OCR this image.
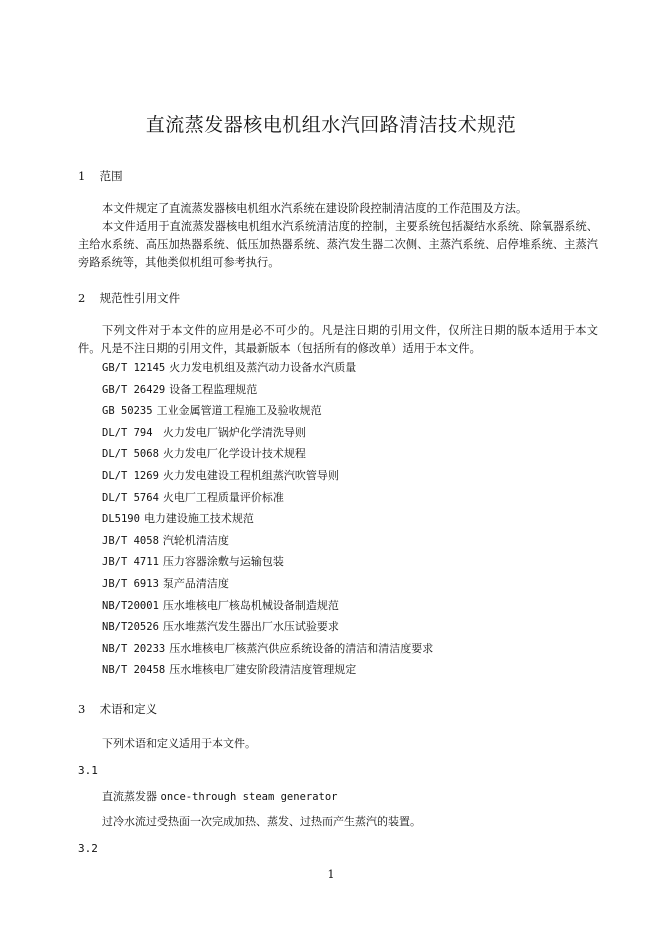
直流蒸发器核电机组水汽回路清洁技术规范
1 范围
本文件规定了直流蒸发器核电机组水汽系统在建设阶段控制清洁度的工作范围及方法。
本文件适用于直流蒸发器核电机组水汽系统清洁度的控制，主要系统包括凝结水系统、除氧器系统、主给水系统、高压加热器系统、低压加热器系统、蒸汽发生器二次侧、主蒸汽系统、启停堆系统、主蒸汽旁路系统等，其他类似机组可参考执行。
2 规范性引用文件
下列文件对于本文件的应用是必不可少的。凡是注日期的引用文件，仅所注日期的版本适用于本文件。凡是不注日期的引用文件，其最新版本（包括所有的修改单）适用于本文件。
GB/T 12145 火力发电机组及蒸汽动力设备水汽质量
GB/T 26429 设备工程监理规范
GB 50235 工业金属管道工程施工及验收规范
DL/T 794 火力发电厂锅炉化学清洗导则
DL/T 5068 火力发电厂化学设计技术规程
DL/T 1269 火力发电建设工程机组蒸汽吹管导则
DL/T 5764 火电厂工程质量评价标准
DL5190 电力建设施工技术规范
JB/T 4058 汽轮机清洁度
JB/T 4711 压力容器涂敷与运输包装
JB/T 6913 泵产品清洁度
NB/T20001 压水堆核电厂核岛机械设备制造规范
NB/T20526 压水堆蒸汽发生器出厂水压试验要求
NB/T 20233 压水堆核电厂核蒸汽供应系统设备的清洁和清洁度要求
NB/T 20458 压水堆核电厂建安阶段清洁度管理规定
3 术语和定义
下列术语和定义适用于本文件。
3.1
直流蒸发器 once-through steam generator
过冷水流过受热面一次完成加热、蒸发、过热而产生蒸汽的装置。
3.2
1
